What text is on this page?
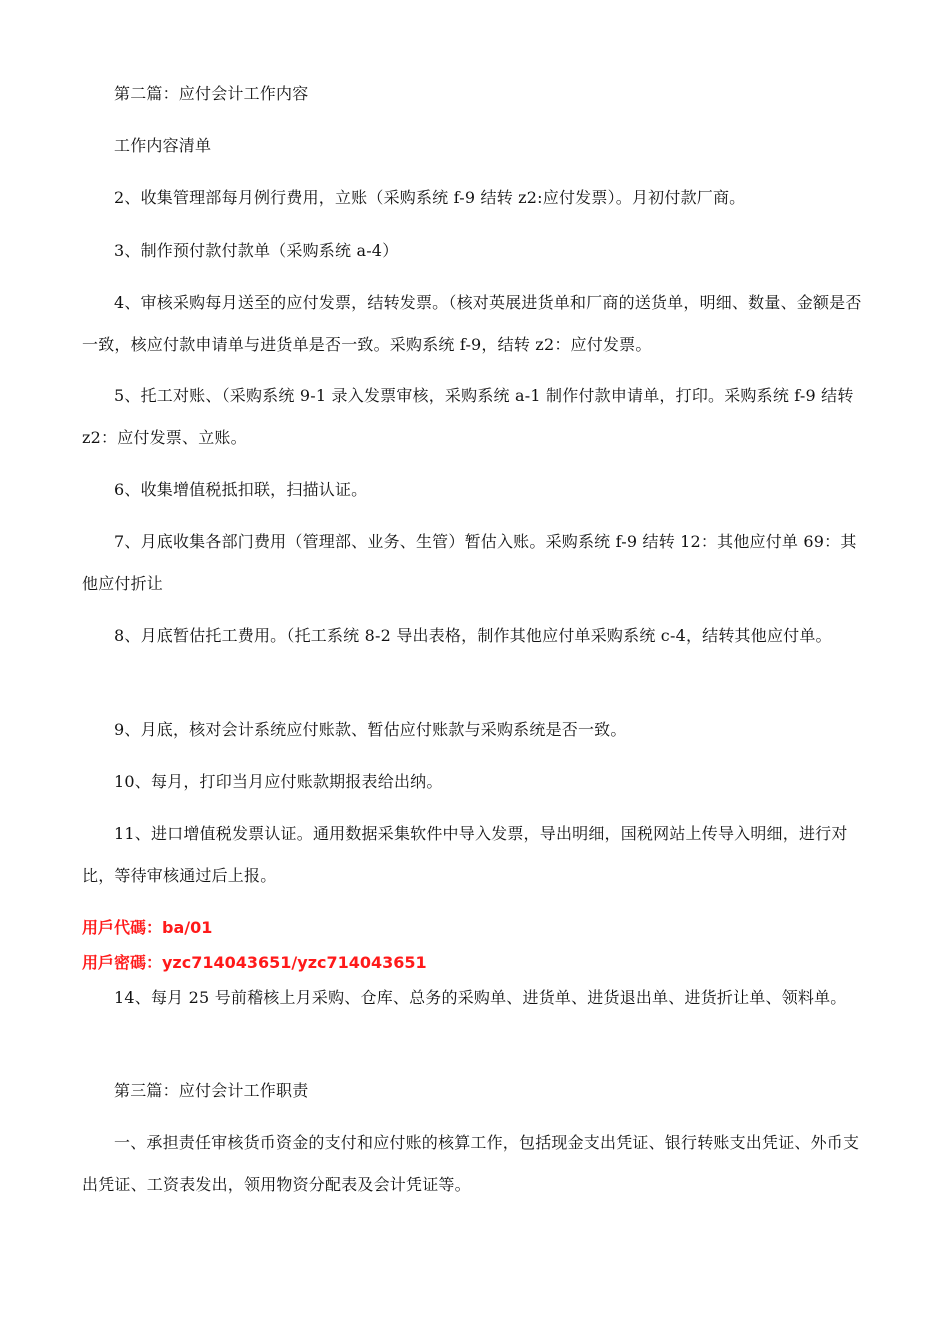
第二篇：应付会计工作内容

工作内容清单

2、收集管理部每月例行费用，立账（采购系统 f-9 结转 z2:应付发票）。月初付款厂商。

3、制作预付款付款单（采购系统 a-4）

4、审核采购每月送至的应付发票，结转发票。（核对英展进货单和厂商的送货单，明细、数量、金额是否一致，核应付款申请单与进货单是否一致。采购系统 f-9，结转 z2：应付发票。

5、托工对账、（采购系统 9-1 录入发票审核，采购系统 a-1 制作付款申请单，打印。采购系统 f-9 结转 z2：应付发票、立账。

6、收集增值税抵扣联，扫描认证。

7、月底收集各部门费用（管理部、业务、生管）暂估入账。采购系统 f-9 结转 12：其他应付单 69：其他应付折让

8、月底暂估托工费用。（托工系统 8-2 导出表格，制作其他应付单采购系统 c-4，结转其他应付单。

9、月底，核对会计系统应付账款、暂估应付账款与采购系统是否一致。

10、每月，打印当月应付账款期报表给出纳。

11、进口增值税发票认证。通用数据采集软件中导入发票，导出明细，国税网站上传导入明细，进行对比，等待审核通过后上报。

用戶代碼：ba/01

用戶密碼：yzc714043651/yzc714043651

14、每月 25 号前稽核上月采购、仓库、总务的采购单、进货单、进货退出单、进货折让单、领料单。

第三篇：应付会计工作职责

一、承担责任审核货币资金的支付和应付账的核算工作，包括现金支出凭证、银行转账支出凭证、外币支出凭证、工资表发出，领用物资分配表及会计凭证等。
